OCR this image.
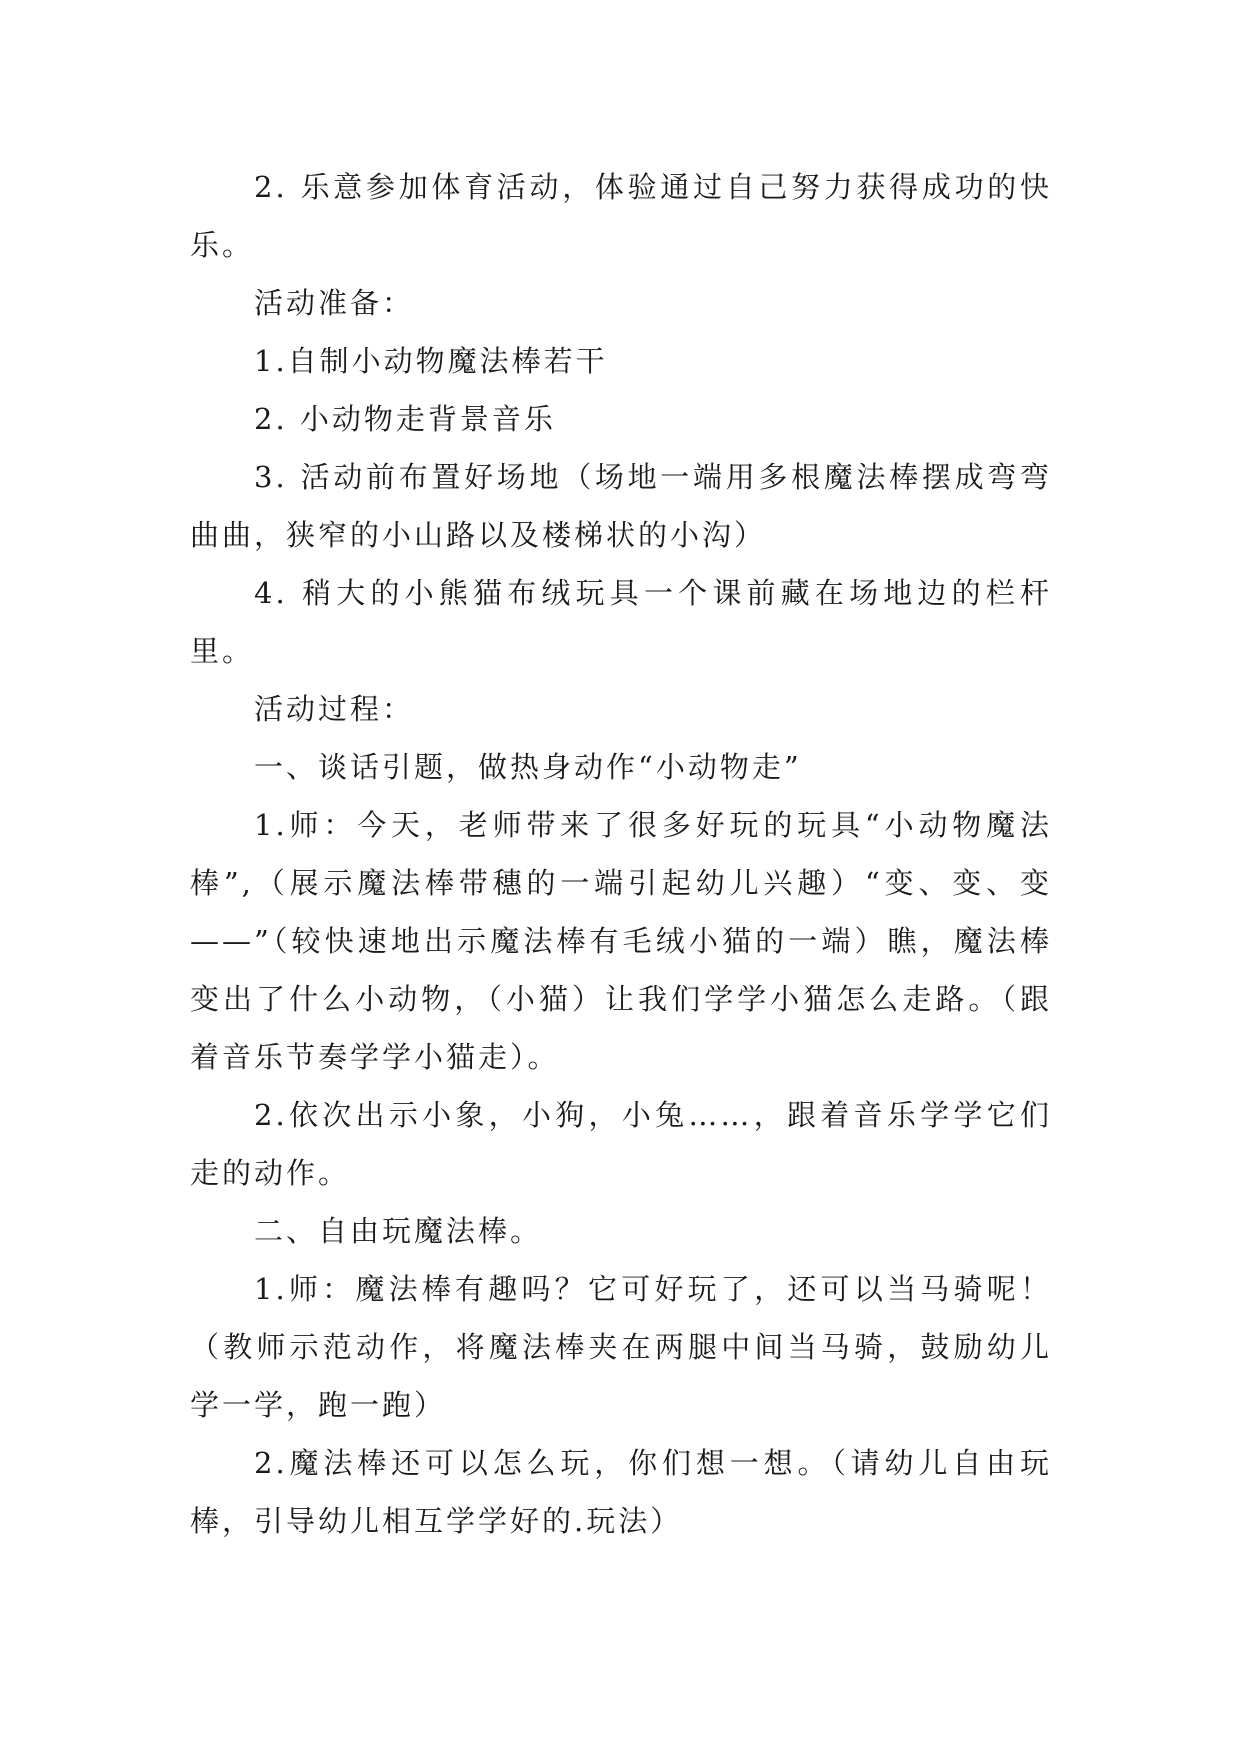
2. 乐意参加体育活动，体验通过自己努力获得成功的快乐。

活动准备：

1.自制小动物魔法棒若干

2. 小动物走背景音乐

3. 活动前布置好场地（场地一端用多根魔法棒摆成弯弯曲曲，狭窄的小山路以及楼梯状的小沟）

4. 稍大的小熊猫布绒玩具一个课前藏在场地边的栏杆里。

活动过程：

一、谈话引题，做热身动作“小动物走”

1.师：今天，老师带来了很多好玩的玩具“小动物魔法棒”,（展示魔法棒带穗的一端引起幼儿兴趣）“变、变、变——”（较快速地出示魔法棒有毛绒小猫的一端）瞧，魔法棒变出了什么小动物，（小猫）让我们学学小猫怎么走路。（跟着音乐节奏学学小猫走）。

2.依次出示小象，小狗，小兔……，跟着音乐学学它们走的动作。

二、自由玩魔法棒。

1.师：魔法棒有趣吗？它可好玩了，还可以当马骑呢！（教师示范动作，将魔法棒夹在两腿中间当马骑，鼓励幼儿学一学，跑一跑）

2.魔法棒还可以怎么玩，你们想一想。（请幼儿自由玩棒，引导幼儿相互学学好的.玩法）
